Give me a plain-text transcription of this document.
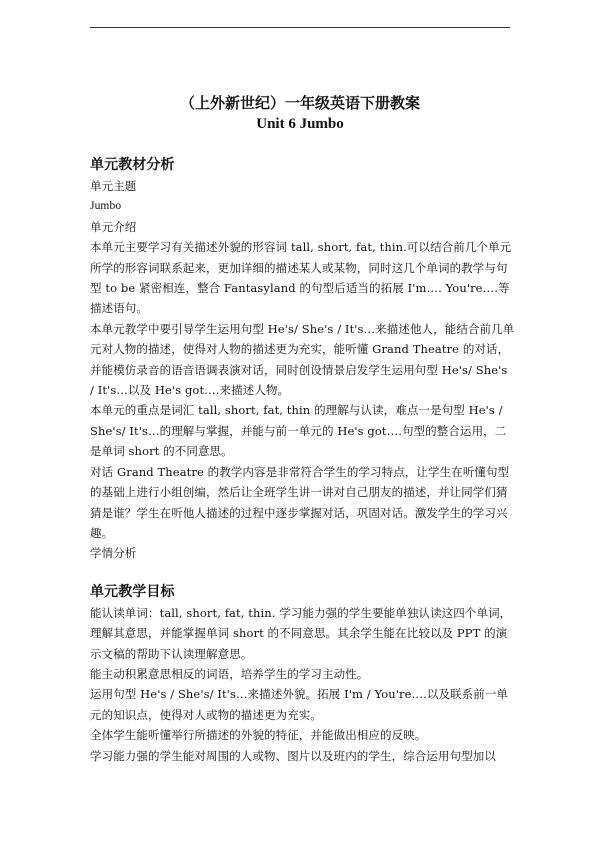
（上外新世纪）一年级英语下册教案
Unit 6 Jumbo

单元教材分析

单元主题

Jumbo

单元介绍

本单元主要学习有关描述外貌的形容词 tall, short, fat, thin.可以结合前几个单元所学的形容词联系起来，更加详细的描述某人或某物，同时这几个单词的教学与句型 to be 紧密相连，整合 Fantasyland 的句型后适当的拓展 I'm…. You're….等描述语句。

本单元教学中要引导学生运用句型 He's/ She's / It's…来描述他人，能结合前几单元对人物的描述，使得对人物的描述更为充实，能听懂 Grand Theatre 的对话，并能模仿录音的语音语调表演对话，同时创设情景启发学生运用句型 He's/ She's / It's…以及 He's got….来描述人物。

本单元的重点是词汇 tall, short, fat, thin 的理解与认读，难点一是句型 He's / She's/ It's…的理解与掌握，并能与前一单元的 He's got….句型的整合运用，二是单词 short 的不同意思。

对话 Grand Theatre 的教学内容是非常符合学生的学习特点，让学生在听懂句型的基础上进行小组创编，然后让全班学生讲一讲对自己朋友的描述，并让同学们猜猜是谁？学生在听他人描述的过程中逐步掌握对话，巩固对话。激发学生的学习兴趣。

学情分析

单元教学目标

能认读单词：tall, short, fat, thin. 学习能力强的学生要能单独认读这四个单词，理解其意思，并能掌握单词 short 的不同意思。其余学生能在比较以及 PPT 的演示文稿的帮助下认读理解意思。

能主动积累意思相反的词语，培养学生的学习主动性。

运用句型 He's / She's/ It's…来描述外貌。拓展 I'm / You're….以及联系前一单元的知识点，使得对人或物的描述更为充实。

全体学生能听懂举行所描述的外貌的特征，并能做出相应的反映。

学习能力强的学生能对周围的人或物、图片以及班内的学生，综合运用句型加以
